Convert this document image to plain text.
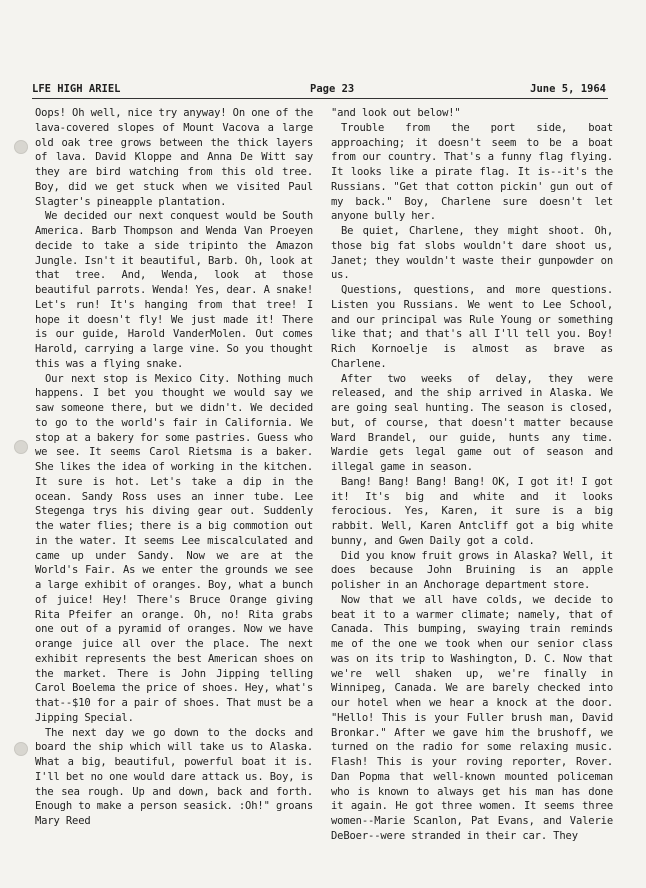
LFE HIGH ARIEL	Page 23	June 5, 1964

Oops! Oh well, nice try anyway! On one of the lava-covered slopes of Mount Vacova a large old oak tree grows between the thick layers of lava. David Kloppe and Anna De Witt say they are bird watching from this old tree. Boy, did we get stuck when we visited Paul Slagter's pineapple plantation.

We decided our next conquest would be South America. Barb Thompson and Wenda Van Proeyen decide to take a side tripinto the Amazon Jungle. Isn't it beautiful, Barb. Oh, look at that tree. And, Wenda, look at those beautiful parrots. Wenda! Yes, dear. A snake! Let's run! It's hanging from that tree! I hope it doesn't fly! We just made it! There is our guide, Harold VanderMolen. Out comes Harold, carrying a large vine. So you thought this was a flying snake.

Our next stop is Mexico City. Nothing much happens. I bet you thought we would say we saw someone there, but we didn't. We decided to go to the world's fair in California. We stop at a bakery for some pastries. Guess who we see. It seems Carol Rietsma is a baker. She likes the idea of working in the kitchen. It sure is hot. Let's take a dip in the ocean. Sandy Ross uses an inner tube. Lee Stegenga trys his diving gear out. Suddenly the water flies; there is a big commotion out in the water. It seems Lee miscalculated and came up under Sandy. Now we are at the World's Fair. As we enter the grounds we see a large exhibit of oranges. Boy, what a bunch of juice! Hey! There's Bruce Orange giving Rita Pfeifer an orange. Oh, no! Rita grabs one out of a pyramid of oranges. Now we have orange juice all over the place. The next exhibit represents the best American shoes on the market. There is John Jipping telling Carol Boelema the price of shoes. Hey, what's that--$10 for a pair of shoes. That must be a Jipping Special.

The next day we go down to the docks and board the ship which will take us to Alaska. What a big, beautiful, powerful boat it is. I'll bet no one would dare attack us. Boy, is the sea rough. Up and down, back and forth. Enough to make a person seasick. :Oh!" groans Mary Reed

"and look out below!"

Trouble from the port side, boat approaching; it doesn't seem to be a boat from our country. That's a funny flag flying. It looks like a pirate flag. It is--it's the Russians. "Get that cotton pickin' gun out of my back." Boy, Charlene sure doesn't let anyone bully her.

Be quiet, Charlene, they might shoot. Oh, those big fat slobs wouldn't dare shoot us, Janet; they wouldn't waste their gunpowder on us.

Questions, questions, and more questions. Listen you Russians. We went to Lee School, and our principal was Rule Young or something like that; and that's all I'll tell you. Boy! Rich Kornoelje is almost as brave as Charlene.

After two weeks of delay, they were released, and the ship arrived in Alaska. We are going seal hunting. The season is closed, but, of course, that doesn't matter because Ward Brandel, our guide, hunts any time. Wardie gets legal game out of season and illegal game in season.

Bang! Bang! Bang! Bang! OK, I got it! I got it! It's big and white and it looks ferocious. Yes, Karen, it sure is a big rabbit. Well, Karen Antcliff got a big white bunny, and Gwen Daily got a cold.

Did you know fruit grows in Alaska? Well, it does because John Bruining is an apple polisher in an Anchorage department store.

Now that we all have colds, we decide to beat it to a warmer climate; namely, that of Canada. This bumping, swaying train reminds me of the one we took when our senior class was on its trip to Washington, D. C. Now that we're well shaken up, we're finally in Winnipeg, Canada. We are barely checked into our hotel when we hear a knock at the door. "Hello! This is your Fuller brush man, David Bronkar." After we gave him the brushoff, we turned on the radio for some relaxing music. Flash! This is your roving reporter, Rover. Dan Popma that well-known mounted policeman who is known to always get his man has done it again. He got three women. It seems three women--Marie Scanlon, Pat Evans, and Valerie DeBoer--were stranded in their car. They
